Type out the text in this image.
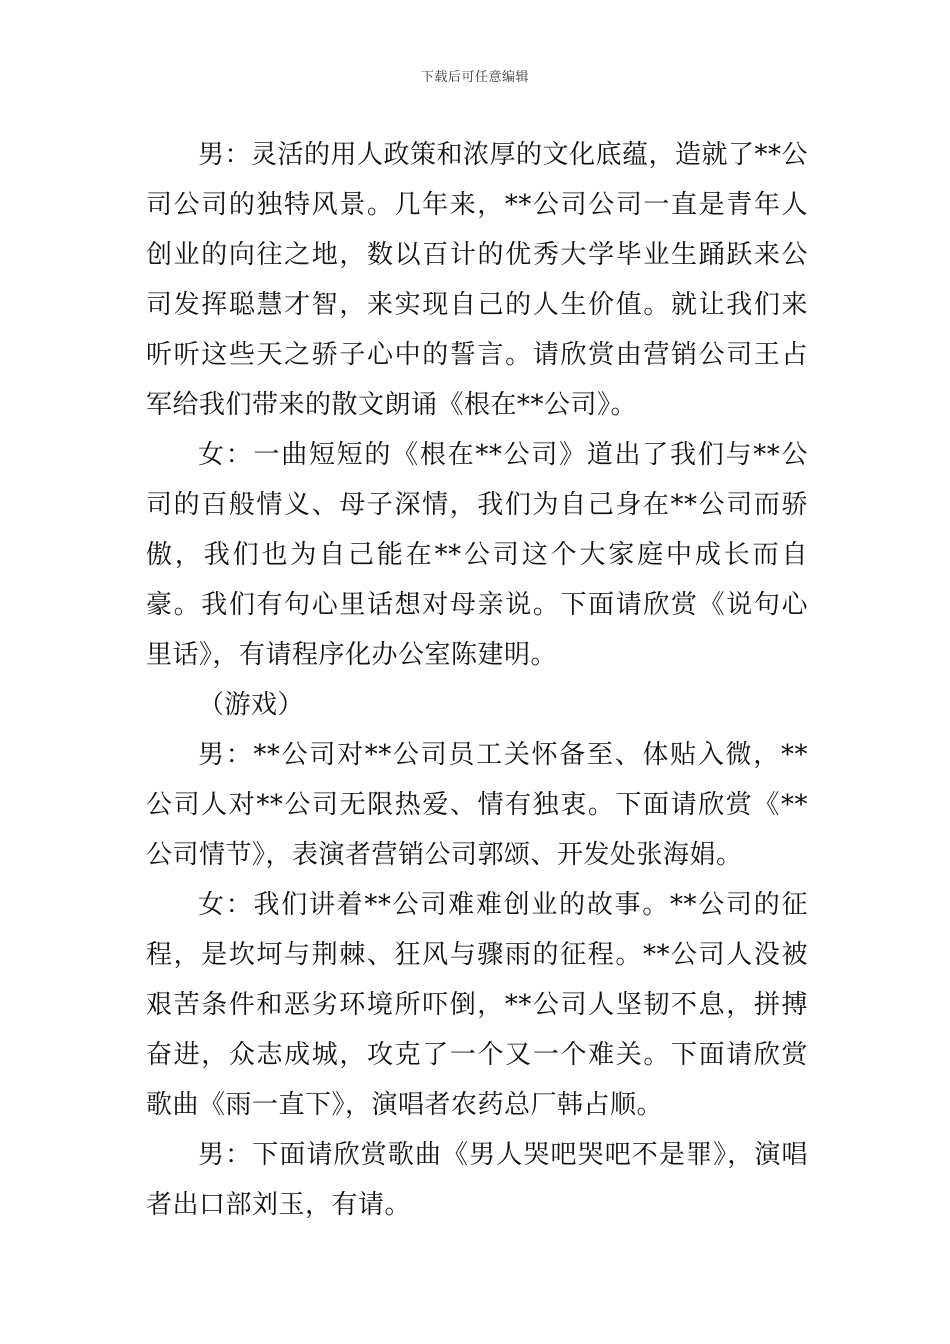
下载后可任意编辑

男：灵活的用人政策和浓厚的文化底蕴，造就了**公司公司的独特风景。几年来，**公司公司一直是青年人创业的向往之地，数以百计的优秀大学毕业生踊跃来公司发挥聪慧才智，来实现自己的人生价值。就让我们来听听这些天之骄子心中的誓言。请欣赏由营销公司王占军给我们带来的散文朗诵《根在**公司》。

女：一曲短短的《根在**公司》道出了我们与**公司的百般情义、母子深情，我们为自己身在**公司而骄傲，我们也为自己能在**公司这个大家庭中成长而自豪。我们有句心里话想对母亲说。下面请欣赏《说句心里话》，有请程序化办公室陈建明。

（游戏）

男：**公司对**公司员工关怀备至、体贴入微，**公司人对**公司无限热爱、情有独衷。下面请欣赏《**公司情节》，表演者营销公司郭颂、开发处张海娟。

女：我们讲着**公司难难创业的故事。**公司的征程，是坎坷与荆棘、狂风与骤雨的征程。**公司人没被艰苦条件和恶劣环境所吓倒，**公司人坚韧不息，拼搏奋进，众志成城，攻克了一个又一个难关。下面请欣赏歌曲《雨一直下》，演唱者农药总厂韩占顺。

男：下面请欣赏歌曲《男人哭吧哭吧不是罪》，演唱者出口部刘玉，有请。
